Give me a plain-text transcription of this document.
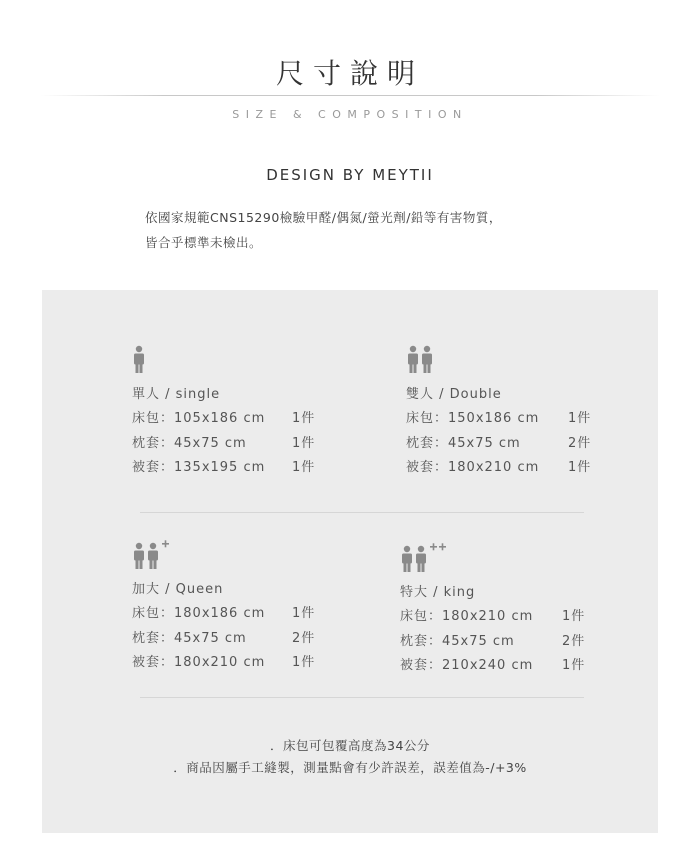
尺寸說明
SIZE & COMPOSITION
DESIGN BY MEYTII
依國家規範CNS15290檢驗甲醛/偶氮/螢光劑/鉛等有害物質，
皆合乎標準未檢出。
單人 / single
床包：105x186 cm	1件
枕套：45x75 cm	1件
被套：135x195 cm	1件
雙人 / Double
床包：150x186 cm	1件
枕套：45x75 cm	2件
被套：180x210 cm	1件
加大 / Queen
床包：180x186 cm	1件
枕套：45x75 cm	2件
被套：180x210 cm	1件
特大 / king
床包：180x210 cm	1件
枕套：45x75 cm	2件
被套：210x240 cm	1件
．床包可包覆高度為34公分
．商品因屬手工縫製，測量點會有少許誤差，誤差值為-/+3%
